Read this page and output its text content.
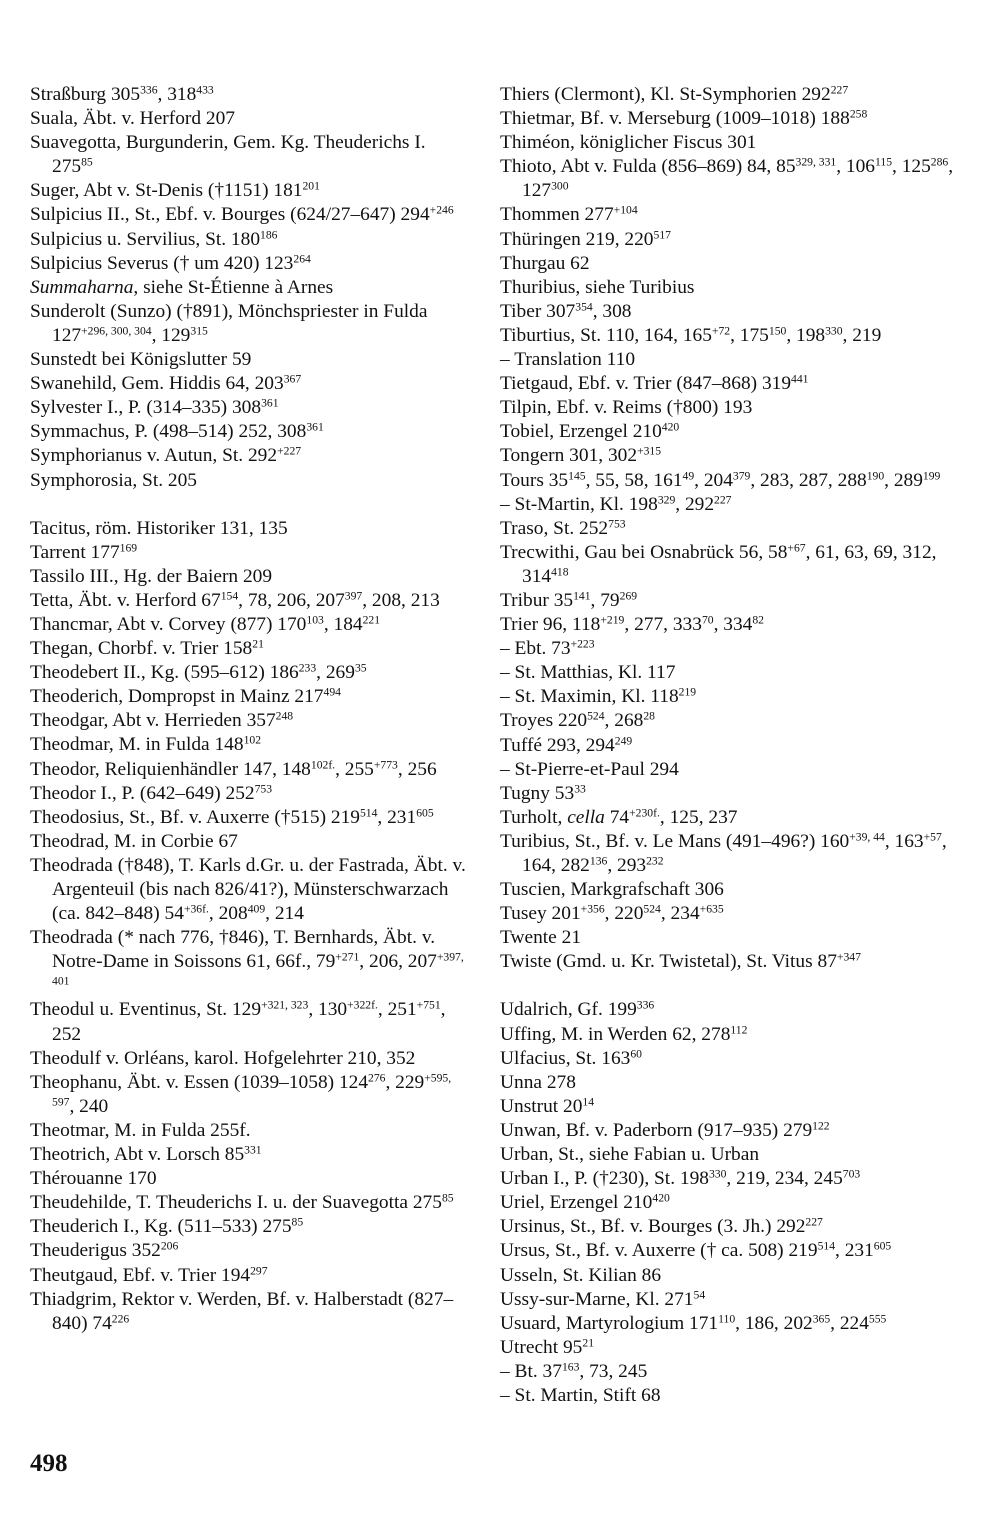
Straßburg $305^{336}$, $318^{433}$
Suala, Äbt. v. Herford 207
Suavegotta, Burgunderin, Gem. Kg. Theuderichs I. $275^{85}$
Suger, Abt v. St-Denis (†1151) $181^{201}$
Sulpicius II., St., Ebf. v. Bourges (624/27–647) $294^{+246}$
Sulpicius u. Servilius, St. $180^{186}$
Sulpicius Severus († um 420) $123^{264}$
Summaharna, siehe St-Étienne à Arnes
Sunderolt (Sunzo) (†891), Mönchspriester in Fulda $127^{+296, 300, 304}$, $129^{315}$
Sunstedt bei Königslutter 59
Swanehild, Gem. Hiddis 64, $203^{367}$
Sylvester I., P. (314–335) $308^{361}$
Symmachus, P. (498–514) 252, $308^{361}$
Symphorianus v. Autun, St. $292^{+227}$
Symphorosia, St. 205
Tacitus, röm. Historiker 131, 135
Tarrent $177^{169}$
Tassilo III., Hg. der Baiern 209
Tetta, Äbt. v. Herford $67^{154}$, 78, 206, $207^{397}$, 208, 213
Thancmar, Abt v. Corvey (877) $170^{103}$, $184^{221}$
Thegan, Chorbf. v. Trier $158^{21}$
Theodebert II., Kg. (595–612) $186^{233}$, $269^{35}$
Theoderich, Dompropst in Mainz $217^{494}$
Theodgar, Abt v. Herrieden $357^{248}$
Theodmar, M. in Fulda $148^{102}$
Theodor, Reliquienhändler 147, $148^{102f.}$, $255^{+773}$, 256
Theodor I., P. (642–649) $252^{753}$
Theodosius, St., Bf. v. Auxerre (†515) $219^{514}$, $231^{605}$
Theodrad, M. in Corbie 67
Theodrada (†848), T. Karls d.Gr. u. der Fastrada, Äbt. v. Argenteuil (bis nach 826/41?), Münsterschwarzach (ca. 842–848) $54^{+36f.}$, $208^{409}$, 214
Theodrada (* nach 776, †846), T. Bernhards, Äbt. v. Notre-Dame in Soissons 61, 66f., $79^{+271}$, 206, $207^{+397, 401}$
Theodul u. Eventinus, St. $129^{+321, 323}$, $130^{+322f.}$, $251^{+751}$, 252
Theodulf v. Orléans, karol. Hofgelehrter 210, 352
Theophanu, Äbt. v. Essen (1039–1058) $124^{276}$, $229^{+595, 597}$, 240
Theotmar, M. in Fulda 255f.
Theotrich, Abt v. Lorsch $85^{331}$
Thérouanne 170
Theudehilde, T. Theuderichs I. u. der Suavegotta $275^{85}$
Theuderich I., Kg. (511–533) $275^{85}$
Theuderigus $352^{206}$
Theutgaud, Ebf. v. Trier $194^{297}$
Thiadgrim, Rektor v. Werden, Bf. v. Halberstadt (827–840) $74^{226}$
Thiers (Clermont), Kl. St-Symphorien $292^{227}$
Thietmar, Bf. v. Merseburg (1009–1018) $188^{258}$
Thiméon, königlicher Fiscus 301
Thioto, Abt v. Fulda (856–869) 84, 85$^{329, 331}$, $106^{115}$, $125^{286}$, $127^{300}$
Thommen $277^{+104}$
Thüringen 219, $220^{517}$
Thurgau 62
Thuribius, siehe Turibius
Tiber $307^{354}$, 308
Tiburtius, St. 110, 164, $165^{+72}$, $175^{150}$, $198^{330}$, 219
– Translation 110
Tietgaud, Ebf. v. Trier (847–868) $319^{441}$
Tilpin, Ebf. v. Reims (†800) 193
Tobiel, Erzengel $210^{420}$
Tongern 301, $302^{+315}$
Tours $35^{145}$, 55, 58, $161^{49}$, $204^{379}$, 283, 287, $288^{190}$, $289^{199}$
– St-Martin, Kl. $198^{329}$, $292^{227}$
Traso, St. $252^{753}$
Trecwithi, Gau bei Osnabrück 56, $58^{+67}$, 61, 63, 69, 312, $314^{418}$
Tribur $35^{141}$, $79^{269}$
Trier 96, $118^{+219}$, 277, $333^{70}$, $334^{82}$
– Ebt. $73^{+223}$
– St. Matthias, Kl. 117
– St. Maximin, Kl. $118^{219}$
Troyes $220^{524}$, $268^{28}$
Tuffé 293, $294^{249}$
– St-Pierre-et-Paul 294
Tugny $53^{33}$
Turholt, cella $74^{+230f.}$, 125, 237
Turibius, St., Bf. v. Le Mans (491–496?) $160^{+39, 44}$, $163^{+57}$, 164, $282^{136}$, $293^{232}$
Tuscien, Markgrafschaft 306
Tusey $201^{+356}$, $220^{524}$, $234^{+635}$
Twente 21
Twiste (Gmd. u. Kr. Twistetal), St. Vitus $87^{+347}$
Udalrich, Gf. $199^{336}$
Uffing, M. in Werden 62, $278^{112}$
Ulfacius, St. $163^{60}$
Unna 278
Unstrut $20^{14}$
Unwan, Bf. v. Paderborn (917–935) $279^{122}$
Urban, St., siehe Fabian u. Urban
Urban I., P. (†230), St. $198^{330}$, 219, 234, $245^{703}$
Uriel, Erzengel $210^{420}$
Ursinus, St., Bf. v. Bourges (3. Jh.) $292^{227}$
Ursus, St., Bf. v. Auxerre († ca. 508) $219^{514}$, $231^{605}$
Usseln, St. Kilian 86
Ussy-sur-Marne, Kl. $271^{54}$
Usuard, Martyrologium $171^{110}$, 186, $202^{365}$, $224^{555}$
Utrecht $95^{21}$
– Bt. $37^{163}$, 73, 245
– St. Martin, Stift 68
498
